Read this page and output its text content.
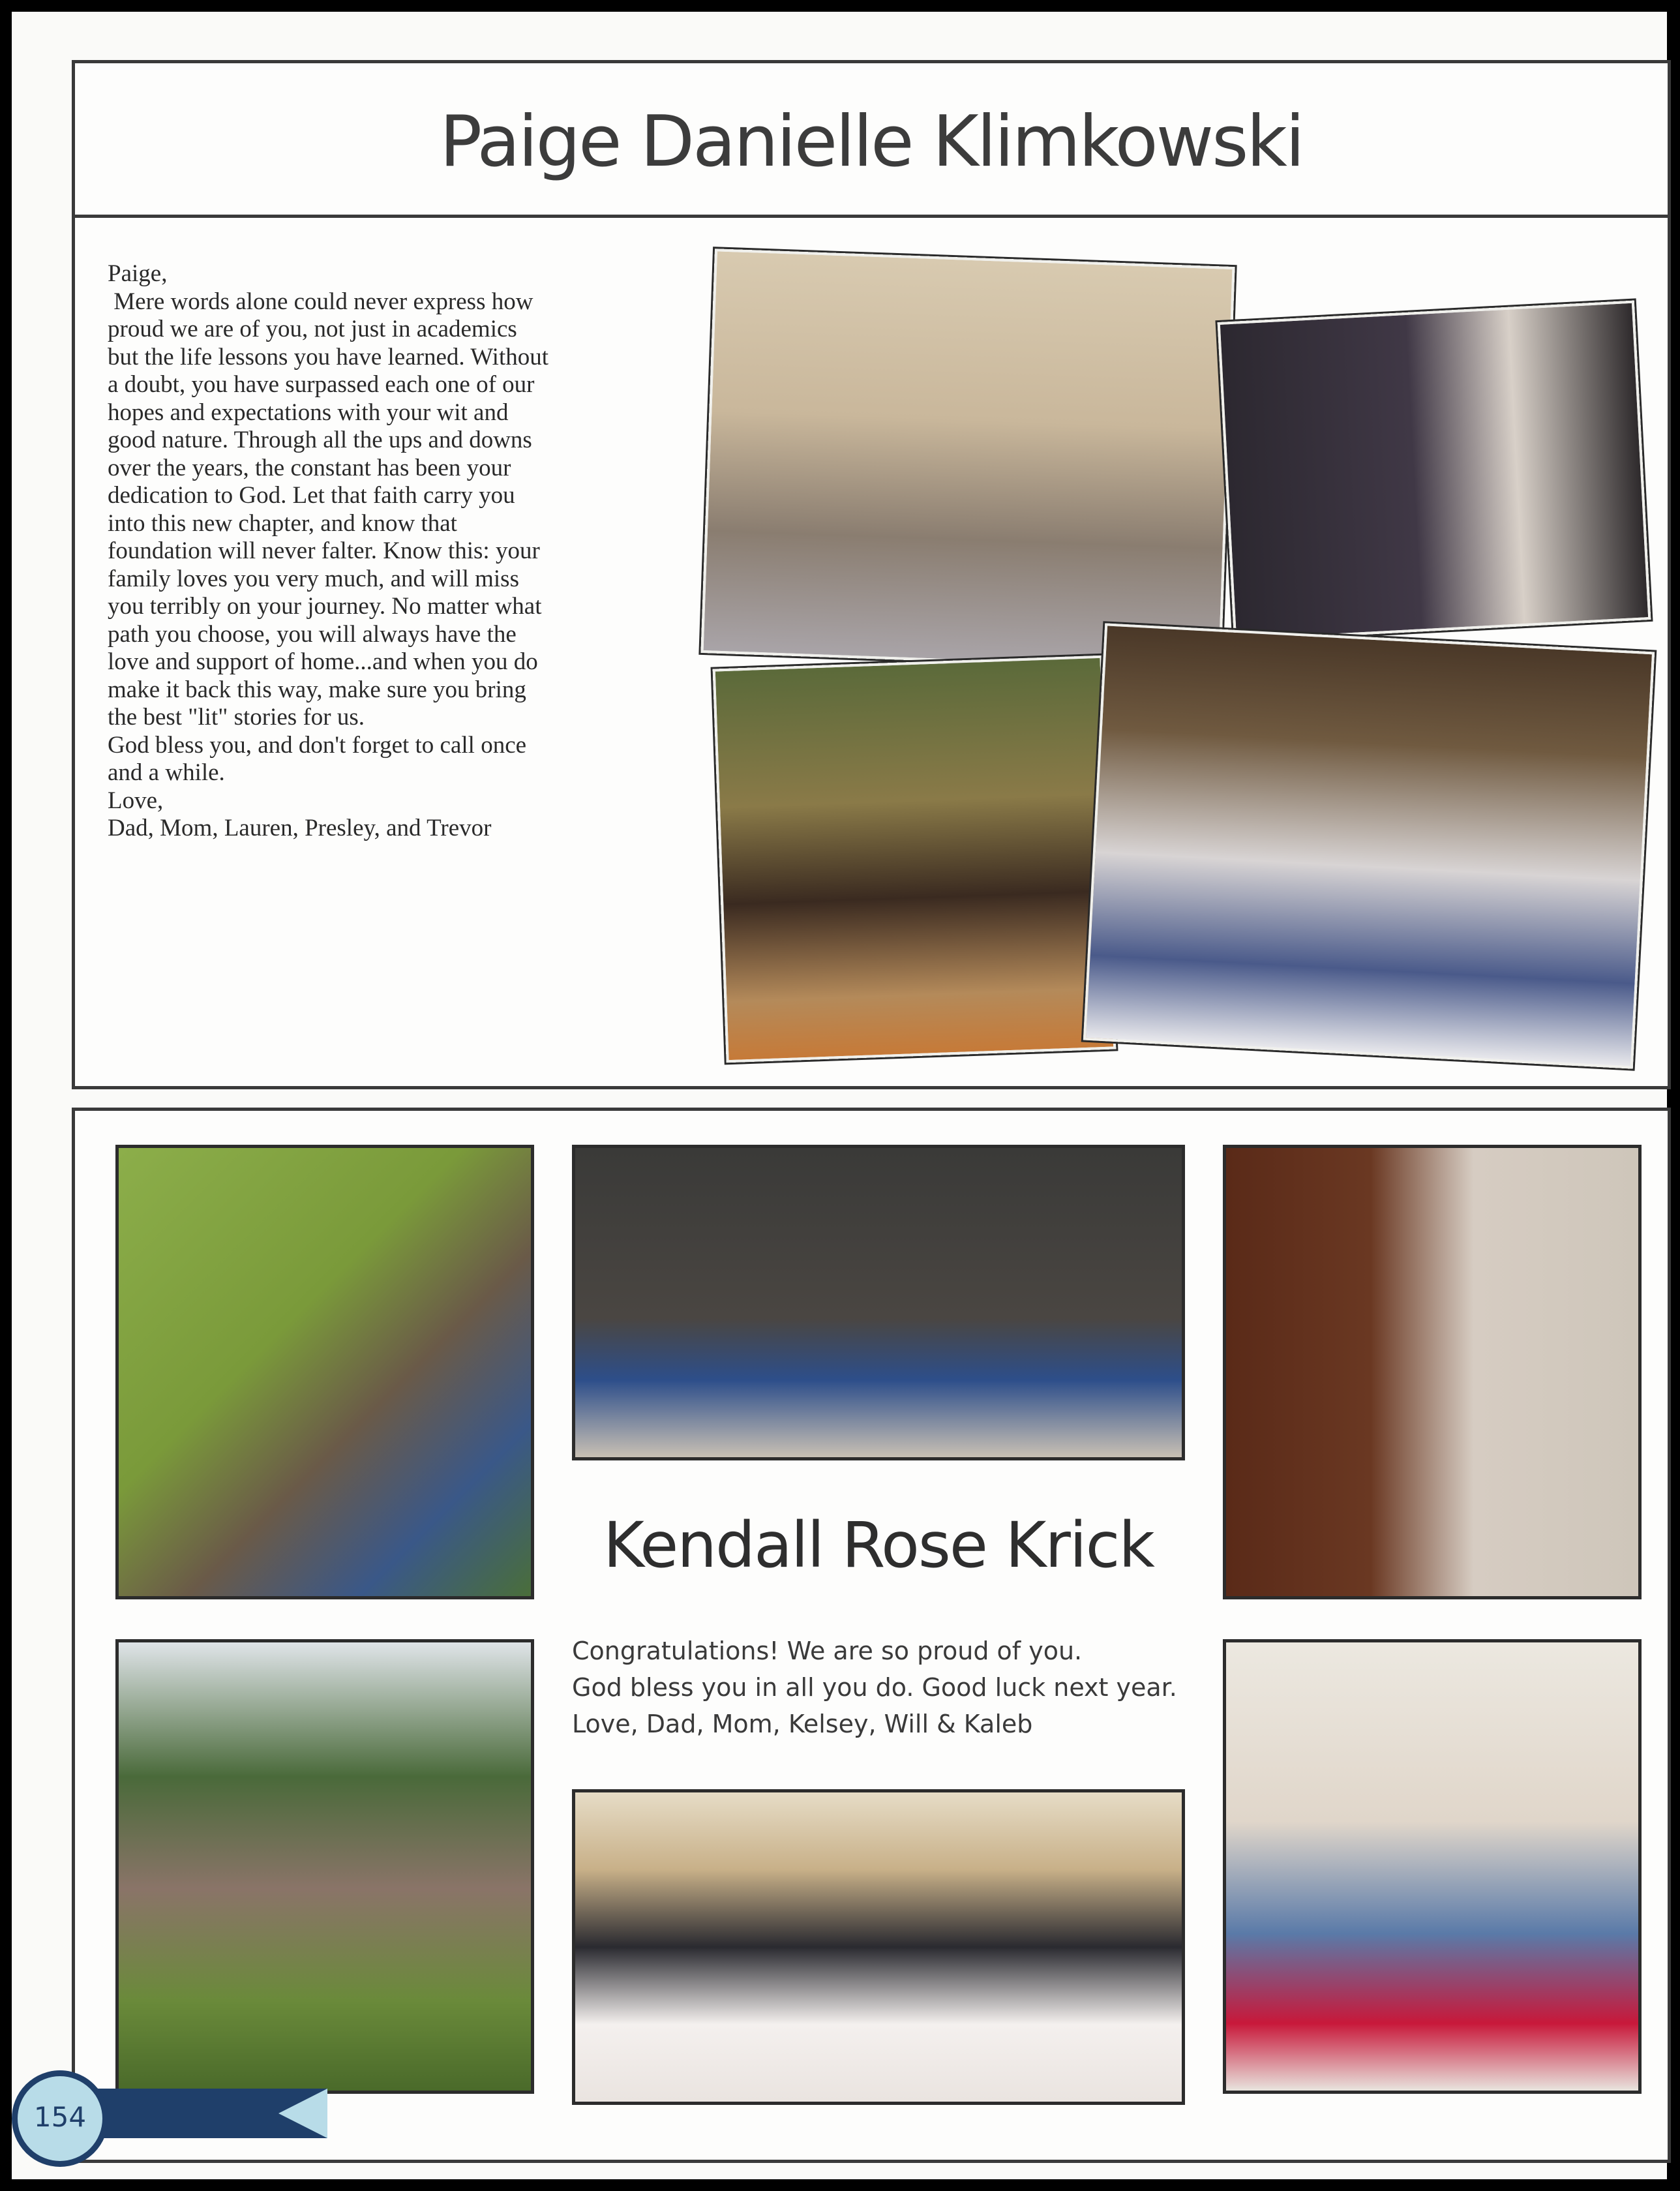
Paige Danielle Klimkowski

Paige,
Mere words alone could never express how
proud we are of you, not just in academics
but the life lessons you have learned. Without
a doubt, you have surpassed each one of our
hopes and expectations with your wit and
good nature. Through all the ups and downs
over the years, the constant has been your
dedication to God. Let that faith carry you
into this new chapter, and know that
foundation will never falter. Know this: your
family loves you very much, and will miss
you terribly on your journey. No matter what
path you choose, you will always have the
love and support of home...and when you do
make it back this way, make sure you bring
the best "lit" stories for us.
God bless you, and don't forget to call once
and a while.
Love,
Dad, Mom, Lauren, Presley, and Trevor

Kendall Rose Krick
Congratulations! We are so proud of you.
God bless you in all you do. Good luck next year.
Love, Dad, Mom, Kelsey, Will & Kaleb
154
